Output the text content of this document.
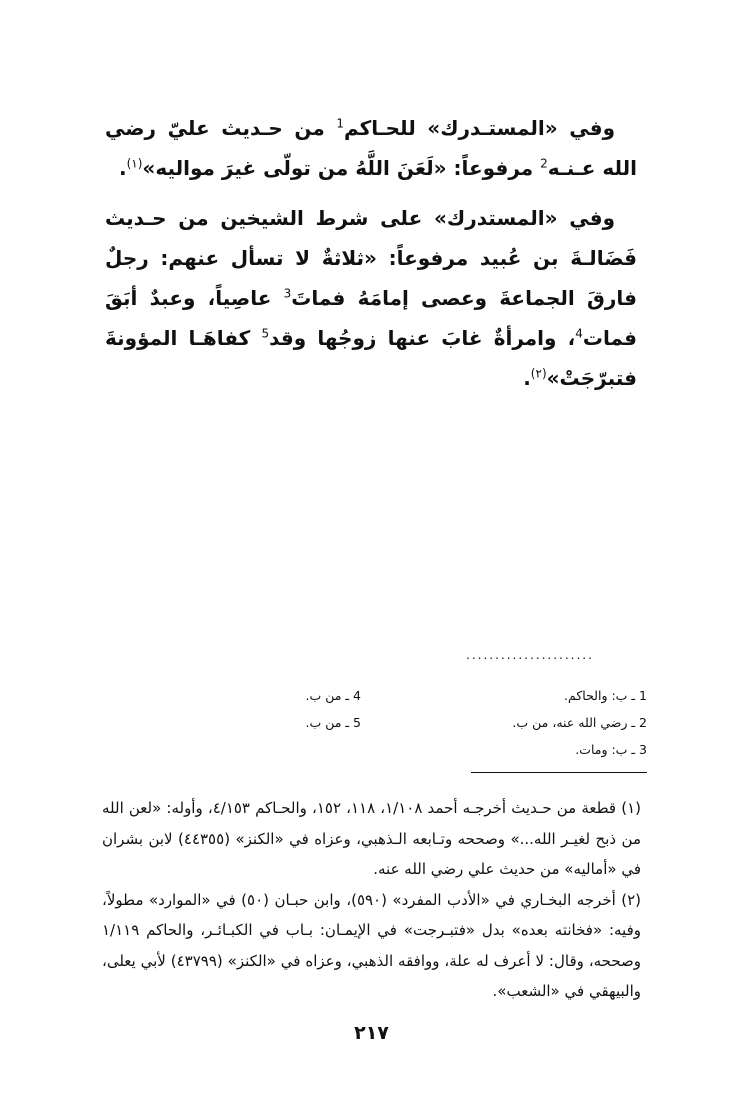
وفي «المستـدرك» للحـاكم$^1$ من حـديث عليّ رضي الله عـنـه$^2$ مرفوعاً: «لَعَنَ اللَّهُ من تولّى غيرَ مواليه»$^{(١)}$.

وفي «المستدرك» على شرط الشيخين من حـديث فَضَالـةَ بن عُبيد مرفوعاً: «ثلاثةٌ لا تسأل عنهم: رجلٌ فارقَ الجماعةَ وعصى إمامَهُ فماتَ$^3$ عاصِياً، وعبدٌ أبَقَ فمات$^4$، وامرأةٌ غابَ عنها زوجُها وقد$^5$ كفاهَـا المؤونةَ فتبرّجَتْ»$^{(٢)}$.

......................
1 ـ ب: والحاكم.
2 ـ رضي الله عنه، من ب.
3 ـ ب: ومات.
4 ـ من ب.
5 ـ من ب.

(١) قطعة من حـديث أخرجـه أحمد ١/١٠٨، ١١٨، ١٥٢، والحـاكم ٤/١٥٣، وأوله: «لعن الله من ذبح لغيـر الله...» وصححه وتـابعه الـذهبي، وعزاه في «الكنز» (٤٤٣٥٥) لابن بشران في «أماليه» من حديث علي رضي الله عنه.

(٢) أخرجه البخـاري في «الأدب المفرد» (٥٩٠)، وابن حبـان (٥٠) في «الموارد» مطولاً، وفيه: «فخانته بعده» بدل «فتبـرجت» في الإيمـان: بـاب في الكبـائـر، والحاكم ١/١١٩ وصححه، وقال: لا أعرف له علة، ووافقه الذهبي، وعزاه في «الكنز» (٤٣٧٩٩) لأبي يعلى، والبيهقي في «الشعب».

٢١٧
